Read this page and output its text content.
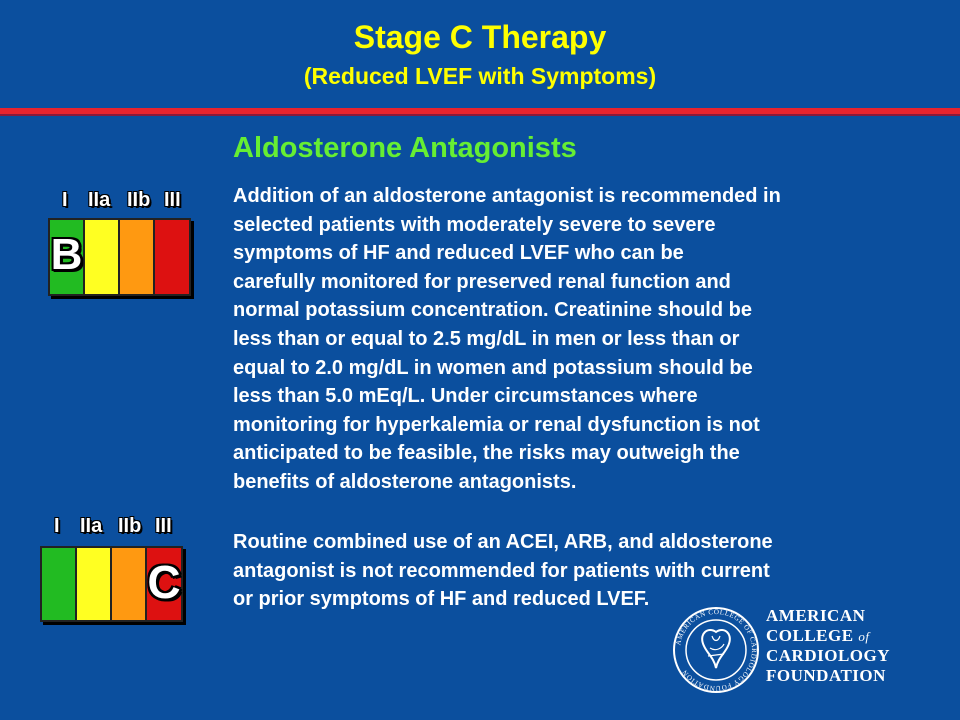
Stage C Therapy
(Reduced LVEF with Symptoms)
Aldosterone Antagonists
I IIa IIb III
B
Addition of an aldosterone antagonist is recommended in
selected patients with moderately severe to severe
symptoms of HF and reduced LVEF who can be
carefully monitored for preserved renal function and
normal potassium concentration. Creatinine should be
less than or equal to 2.5 mg/dL in men or less than or
equal to 2.0 mg/dL in women and potassium should be
less than 5.0 mEq/L. Under circumstances where
monitoring for hyperkalemia or renal dysfunction is not
anticipated to be feasible, the risks may outweigh the
benefits of aldosterone antagonists.
I IIa IIb III
C
Routine combined use of an ACEI, ARB, and aldosterone
antagonist is not recommended for patients with current
or prior symptoms of HF and reduced LVEF.
AMERICAN COLLEGE OF CARDIOLOGY FOUNDATION
AMERICAN
COLLEGE of
CARDIOLOGY
FOUNDATION
